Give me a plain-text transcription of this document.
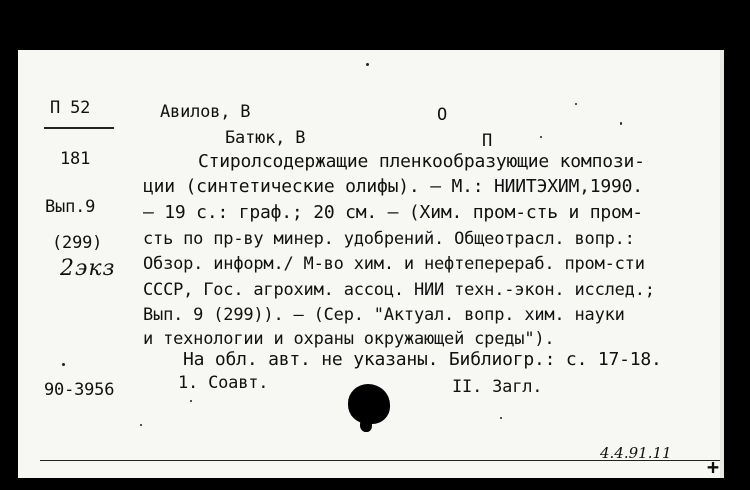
П 52
181
Вып.9
(299)
2экз
90-3956
Авилов, В	О
Батюк, В	П
Стиролсодержащие пленкообразующие компози-
ции (синтетические олифы). – М.: НИИТЭХИМ,1990.
– 19 с.: граф.; 20 см. – (Хим. пром-сть и пром-
сть по пр-ву минер. удобрений. Общеотрасл. вопр.:
Обзор. информ./ М-во хим. и нефтеперераб. пром-сти
СССР, Гос. агрохим. ассоц. НИИ техн.-экон. исслед.;
Вып. 9 (299)). – (Сер. "Актуал. вопр. хим. науки
и технологии и охраны окружающей среды").
На обл. авт. не указаны. Библиогр.: с. 17-18.
1. Соавт.	II. Загл.
4.4.91.11
+
